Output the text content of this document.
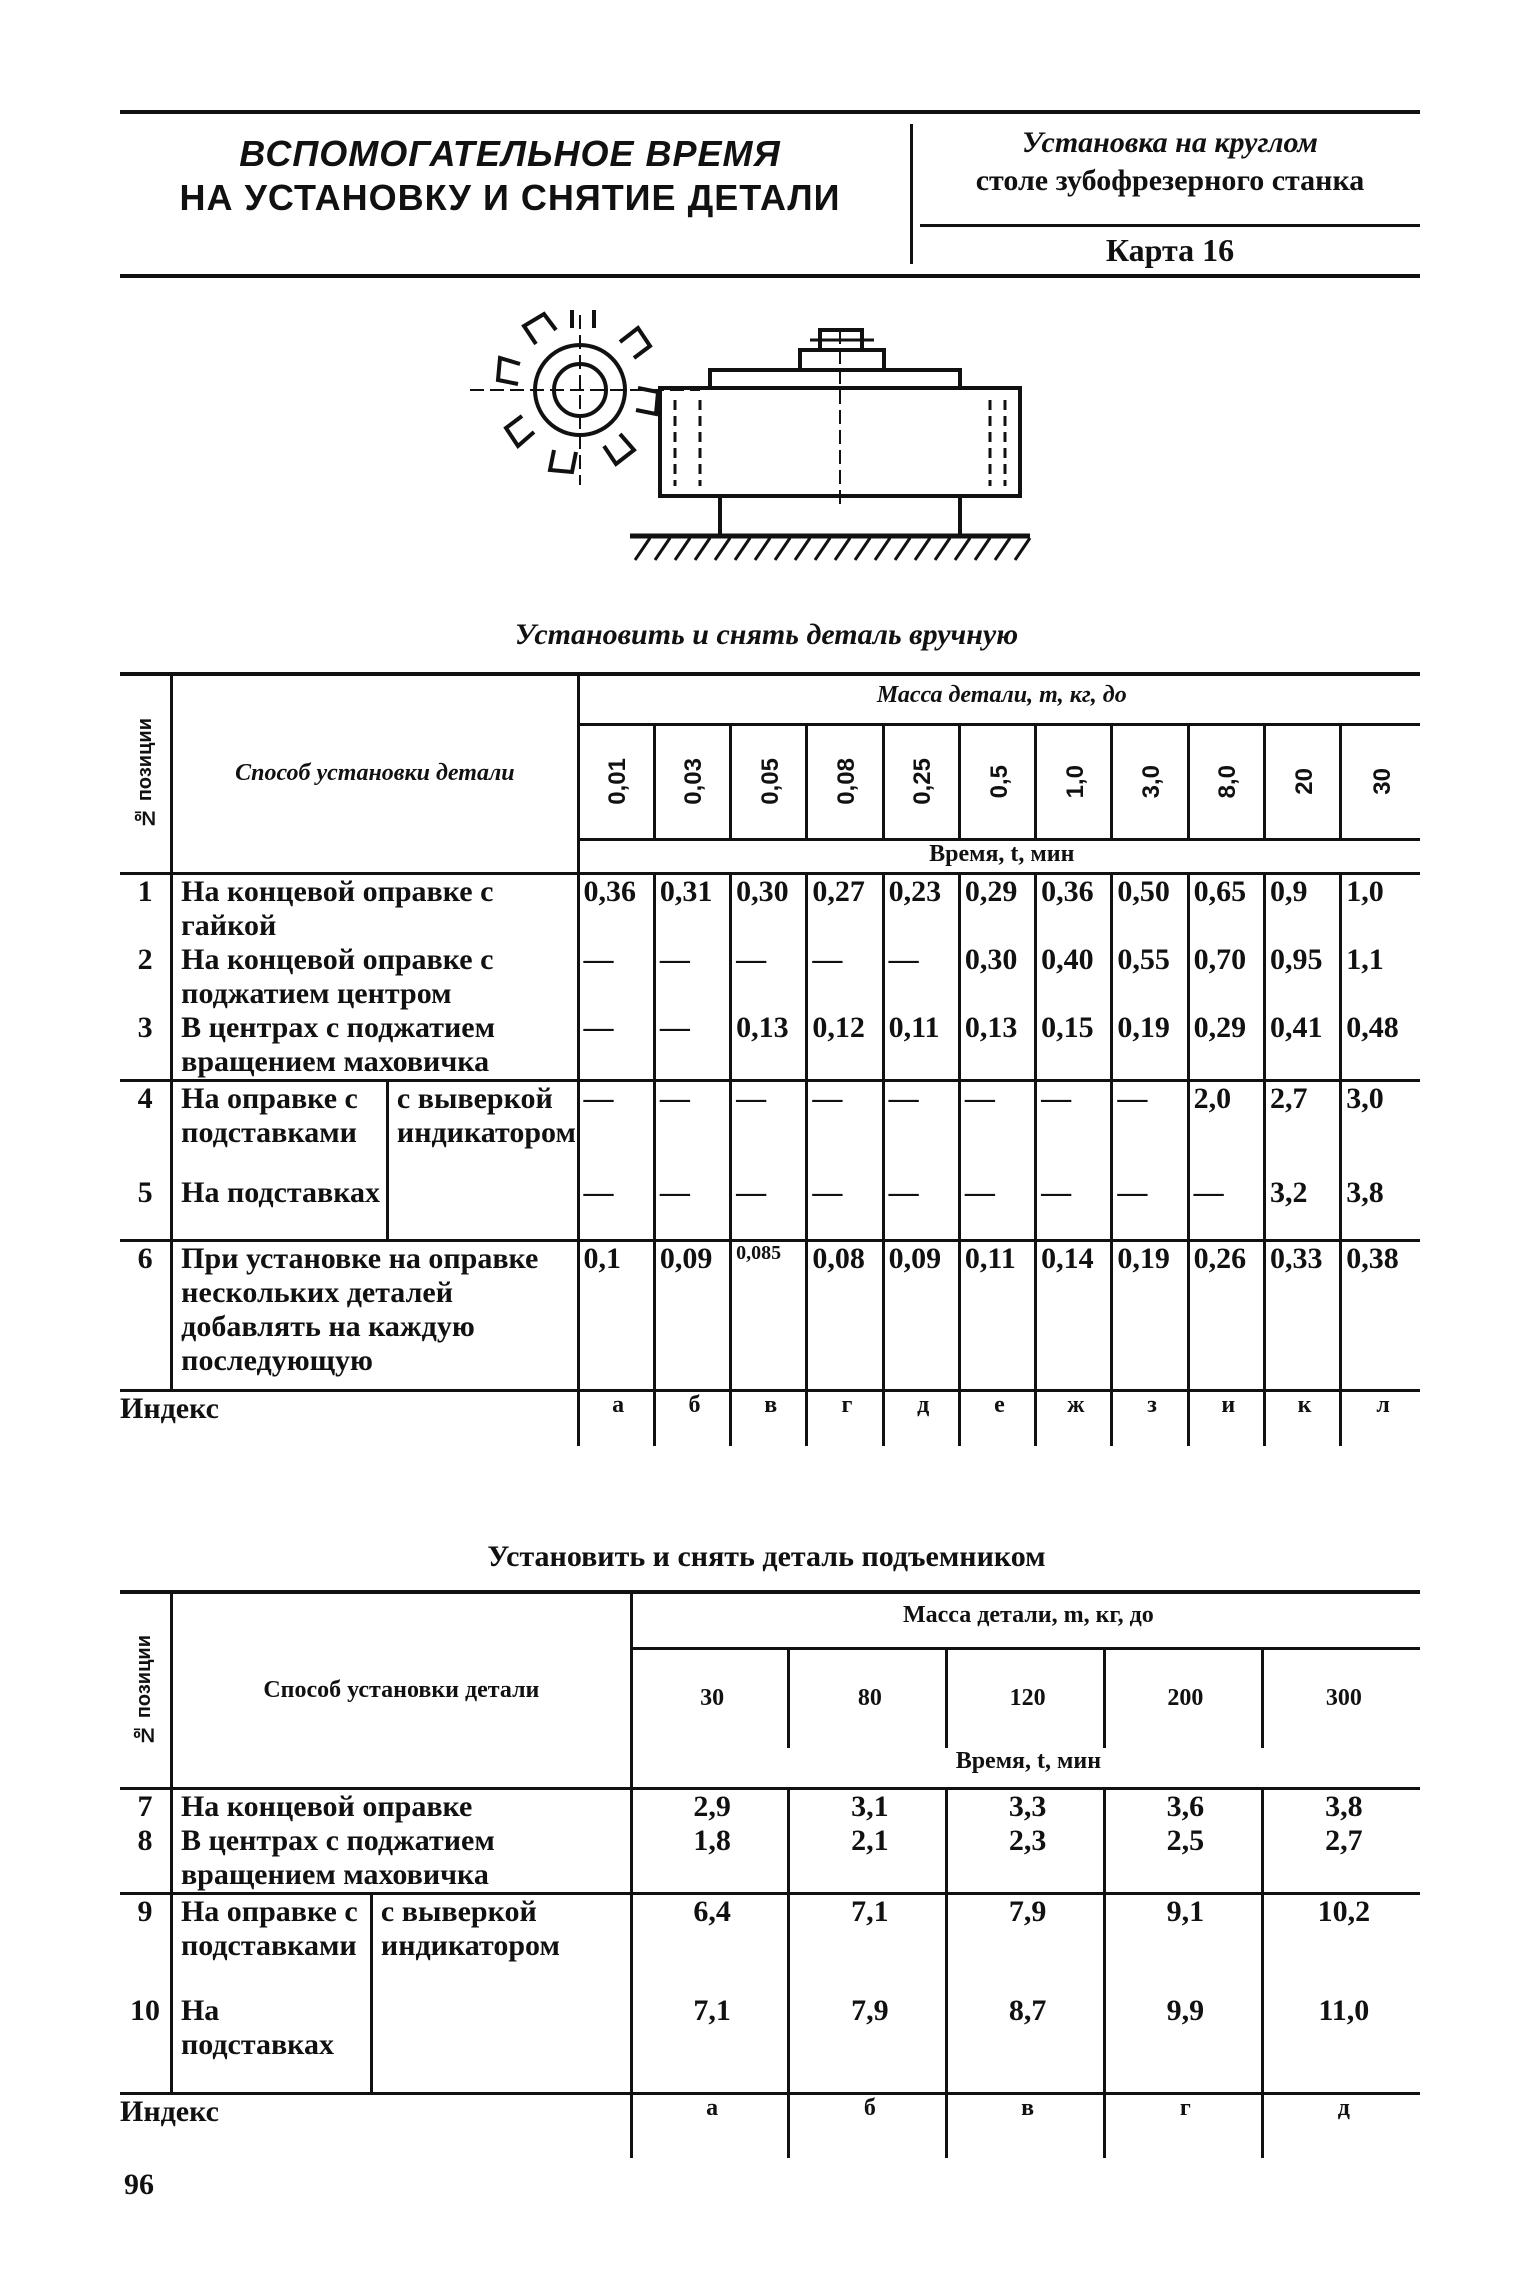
ВСПОМОГАТЕЛЬНОЕ ВРЕМЯ
НА УСТАНОВКУ И СНЯТИЕ ДЕТАЛИ
Установка на круглом
столе зубофрезерного станка
Карта 16
Установить и снять деталь вручную
№ позиции	Способ установки детали		Масса детали, m, кг, до										

			0,01	0,03	0,05	0,08	0,25	0,5	1,0	3,0	8,0	20	30

			Время, t, мин										
1	На концевой оправке с гайкой		0,36	0,31	0,30	0,27	0,23	0,29	0,36	0,50	0,65	0,9	1,0
2	На концевой оправке с поджатием центром		—	—	—	—	—	0,30	0,40	0,55	0,70	0,95	1,1
3	В центрах с поджатием вращением маховичка		—	—	0,13	0,12	0,11	0,13	0,15	0,19	0,29	0,41	0,48
4	На оправке с подставками	с выверкой индикатором	—	—	—	—	—	—	—	—	2,0	2,7	3,0
5	На подставках		—	—	—	—	—	—	—	—	—	3,2	3,8
6	При установке на оправке нескольких деталей добавлять на каждую последующую		0,1	0,09	0,085	0,08	0,09	0,11	0,14	0,19	0,26	0,33	0,38
Индекс			а	б	в	г	д	е	ж	з	и	к	л
Установить и снять деталь подъемником
№ позиции	Способ установки детали		Масса детали, m, кг, до				
			30	80	120	200	300
			Время, t, мин				
7	На концевой оправке		2,9	3,1	3,3	3,6	3,8
8	В центрах с поджатием вращением маховичка		1,8	2,1	2,3	2,5	2,7
9	На оправке с подставками	с выверкой индикатором	6,4	7,1	7,9	9,1	10,2
10	На подставках		7,1	7,9	8,7	9,9	11,0
Индекс			а	б	в	г	д
96
